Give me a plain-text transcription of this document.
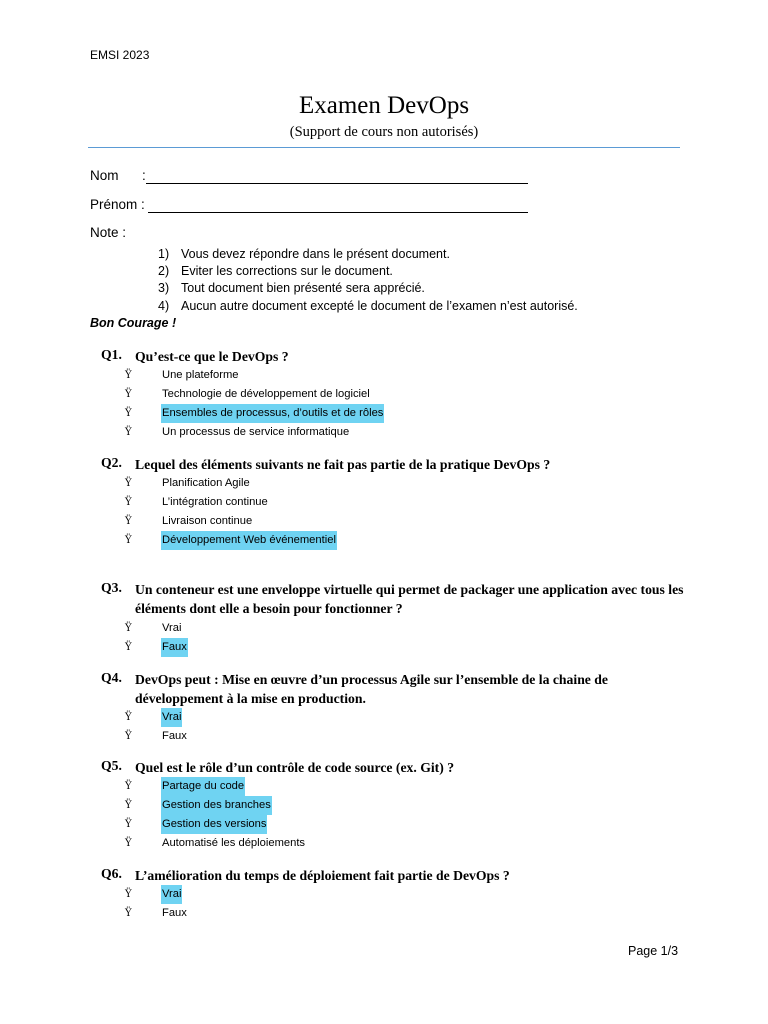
EMSI 2023
Examen DevOps
(Support de cours non autorisés)
Nom :
Prénom :
Note :
1) Vous devez répondre dans le présent document.
2) Eviter les corrections sur le document.
3) Tout document bien présenté sera apprécié.
4) Aucun autre document excepté le document de l’examen n’est autorisé.
Bon Courage !
Q1. Qu’est-ce que le DevOps ?
Ÿ	Une plateforme
Ÿ	Technologie de développement de logiciel
Ÿ	Ensembles de processus, d’outils et de rôles
Ÿ	Un processus de service informatique
Q2. Lequel des éléments suivants ne fait pas partie de la pratique DevOps ?
Ÿ	Planification Agile
Ÿ	L’intégration continue
Ÿ	Livraison continue
Ÿ	Développement Web événementiel
Q3. Un conteneur est une enveloppe virtuelle qui permet de packager une application avec tous les éléments dont elle a besoin pour fonctionner ?
Ÿ	Vrai
Ÿ	Faux
Q4. DevOps peut : Mise en œuvre d’un processus Agile sur l’ensemble de la chaine de développement à la mise en production.
Ÿ	Vrai
Ÿ	Faux
Q5. Quel est le rôle d’un contrôle de code source (ex. Git) ?
Ÿ	Partage du code
Ÿ	Gestion des branches
Ÿ	Gestion des versions
Ÿ	Automatisé les déploiements
Q6. L’amélioration du temps de déploiement fait partie de DevOps ?
Ÿ	Vrai
Ÿ	Faux
Page 1/3
